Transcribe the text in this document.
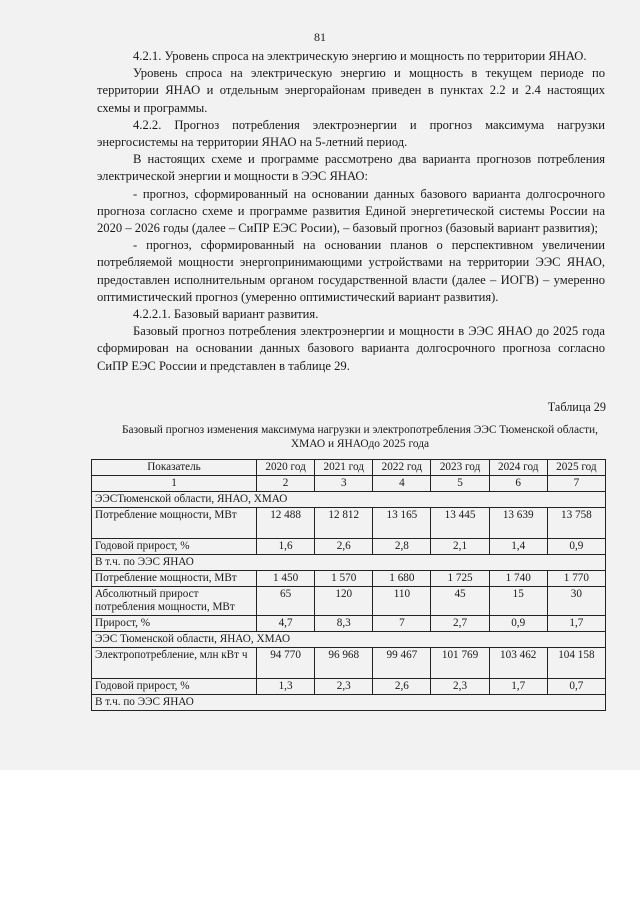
81

4.2.1. Уровень спроса на электрическую энергию и мощность по территории ЯНАО.

Уровень спроса на электрическую энергию и мощность в текущем периоде по территории ЯНАО и отдельным энергорайонам приведен в пунктах 2.2 и 2.4 настоящих схемы и программы.

4.2.2. Прогноз потребления электроэнергии и прогноз максимума нагрузки энергосистемы на территории ЯНАО на 5-летний период.

В настоящих схеме и программе рассмотрено два варианта прогнозов потребления электрической энергии и мощности в ЭЭС ЯНАО:

- прогноз, сформированный на основании данных базового варианта долгосрочного прогноза согласно схеме и программе развития Единой энергетической системы России на 2020 – 2026 годы (далее – СиПР ЕЭС Росии), – базовый прогноз (базовый вариант развития);

- прогноз, сформированный на основании планов о перспективном увеличении потребляемой мощности энергопринимающими устройствами на территории ЭЭС ЯНАО, предоставлен исполнительным органом государственной власти (далее – ИОГВ) – умеренно оптимистический прогноз (умеренно оптимистический вариант развития).

4.2.2.1. Базовый вариант развития.

Базовый прогноз потребления электроэнергии и мощности в ЭЭС ЯНАО до 2025 года сформирован на основании данных базового варианта долгосрочного прогноза согласно СиПР ЕЭС России и представлен в таблице 29.

Таблица 29
Базовый прогноз изменения максимума нагрузки и электропотребления ЭЭС Тюменской области, ХМАО и ЯНАОдо 2025 года
Показатель	2020 год	2021 год	2022 год	2023 год	2024 год	2025 год
1	2	3	4	5	6	7
ЭЭСТюменской области, ЯНАО, ХМАО						
Потребление мощности, МВт	12 488	12 812	13 165	13 445	13 639	13 758
Годовой прирост, %	1,6	2,6	2,8	2,1	1,4	0,9
В т.ч. по ЭЭС ЯНАО						
Потребление мощности, МВт	1 450	1 570	1 680	1 725	1 740	1 770
Абсолютный прирост потребления мощности, МВт	65	120	110	45	15	30
Прирост, %	4,7	8,3	7	2,7	0,9	1,7
ЭЭС Тюменской области, ЯНАО, ХМАО						
Электропотребление, млн кВт ч	94 770	96 968	99 467	101 769	103 462	104 158
Годовой прирост, %	1,3	2,3	2,6	2,3	1,7	0,7
В т.ч. по ЭЭС ЯНАО						
